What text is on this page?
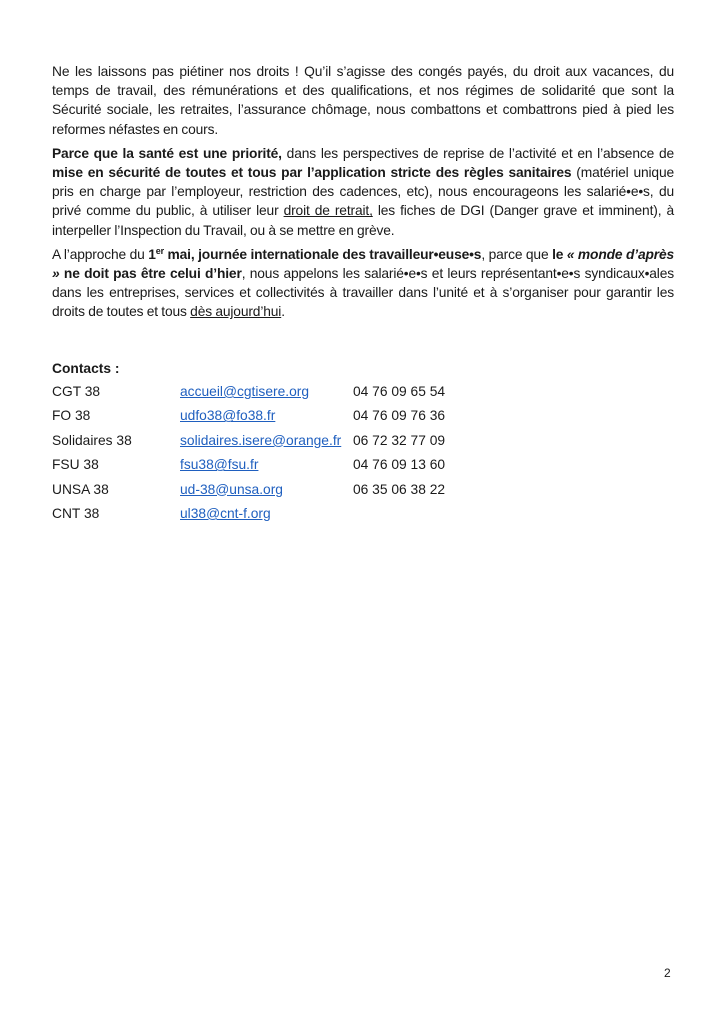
Ne les laissons pas piétiner nos droits ! Qu’il s’agisse des congés payés, du droit aux vacances, du temps de travail, des rémunérations et des qualifications, et nos régimes de solidarité que sont la Sécurité sociale, les retraites, l’assurance chômage, nous combattons et combattrons pied à pied les reformes néfastes en cours.

Parce que la santé est une priorité, dans les perspectives de reprise de l’activité et en l’absence de mise en sécurité de toutes et tous par l’application stricte des règles sanitaires (matériel unique pris en charge par l’employeur, restriction des cadences, etc), nous encourageons les salarié•e•s, du privé comme du public, à utiliser leur droit de retrait, les fiches de DGI (Danger grave et imminent), à interpeller l’Inspection du Travail, ou à se mettre en grève.

A l’approche du 1er mai, journée internationale des travailleur•euse•s, parce que le « monde d’après » ne doit pas être celui d’hier, nous appelons les salarié•e•s et leurs représentant•e•s syndicaux•ales dans les entreprises, services et collectivités à travailler dans l’unité et à s’organiser pour garantir les droits de toutes et tous dès aujourd’hui.

Contacts :
CGT 38	accueil@cgtisere.org	04 76 09 65 54
FO 38	udfo38@fo38.fr	04 76 09 76 36
Solidaires 38	solidaires.isere@orange.fr 06 72 32 77 09
FSU 38	fsu38@fsu.fr	04 76 09 13 60
UNSA 38	ud-38@unsa.org	06 35 06 38 22
CNT 38	ul38@cnt-f.org
2
